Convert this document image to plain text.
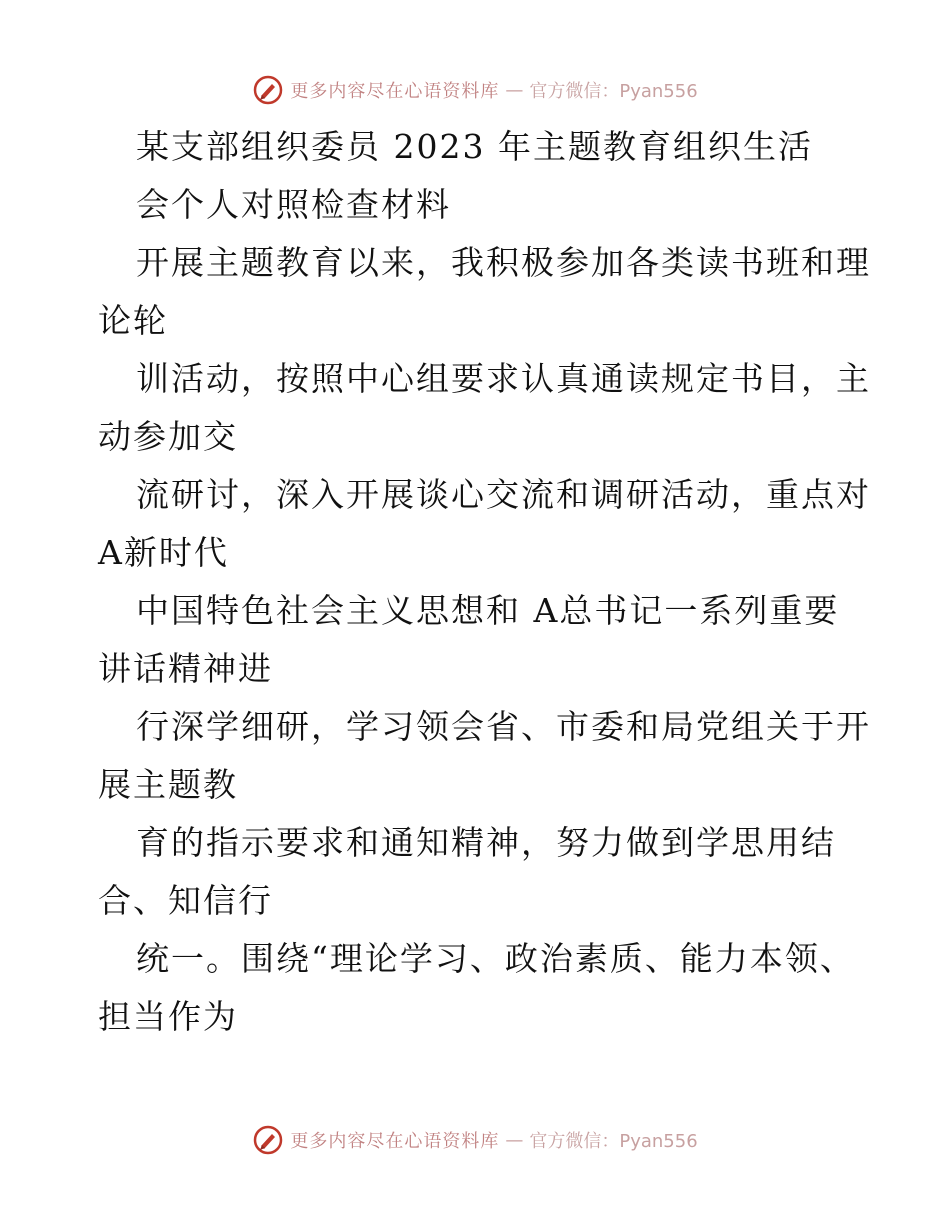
更多内容尽在心语资料库 — 官方微信：Pyan556
某支部组织委员 2023 年主题教育组织生活
会个人对照检查材料
开展主题教育以来，我积极参加各类读书班和理
论轮
训活动，按照中心组要求认真通读规定书目，主
动参加交
流研讨，深入开展谈心交流和调研活动，重点对
A新时代
中国特色社会主义思想和 A总书记一系列重要
讲话精神进
行深学细研，学习领会省、市委和局党组关于开
展主题教
育的指示要求和通知精神，努力做到学思用结
合、知信行
统一。围绕“理论学习、政治素质、能力本领、
担当作为
更多内容尽在心语资料库 — 官方微信：Pyan556
